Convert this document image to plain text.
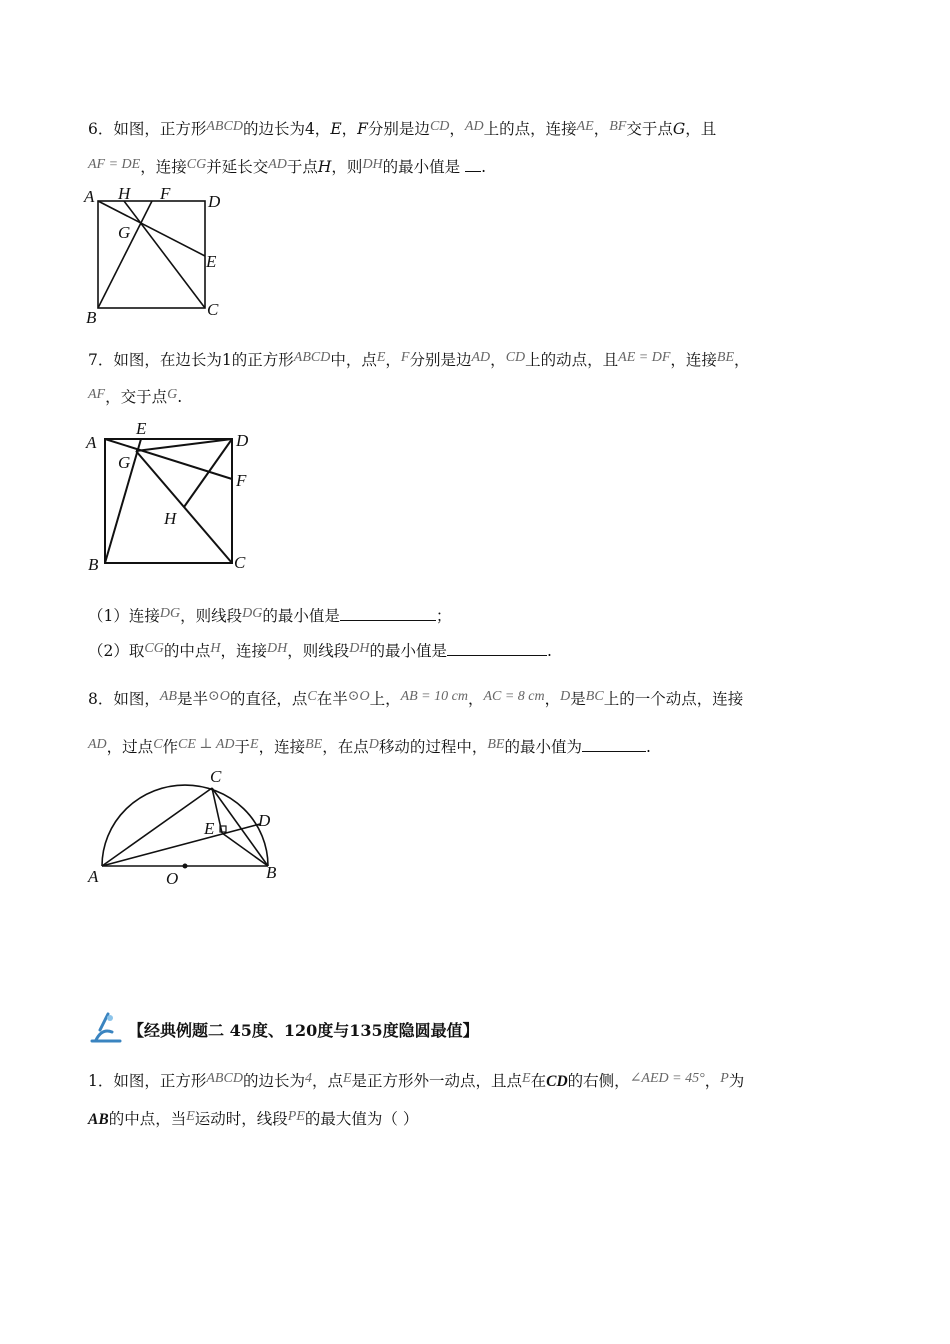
6．如图，正方形ABCD的边长为4，E，F分别是边CD，AD上的点，连接AE，BF交于点G，且
AF = DE，连接CG并延长交AD于点H，则DH的最小值是 .
A H F D
G
E
B	C
7．如图，在边长为1的正方形ABCD中，点E，F分别是边AD，CD上的动点，且AE = DF，连接BE，
AF，交于点G.
A
E
D
G
F
H
B	C
（1）连接DG，则线段DG的最小值是	；
（2）取CG的中点H，连接DH，则线段DH的最小值是	.
8．如图，AB是半⊙O的直径，点C在半⊙O上，AB = 10 cm，AC = 8 cm，D是BC上的一个动点，连接
AD，过点C作CE ⊥ AD于E，连接BE，在点D移动的过程中，BE的最小值为	.
C
E	D
A	O	B
【经典例题二 45度、120度与135度隐圆最值】
1．如图，正方形ABCD的边长为4，点E是正方形外一动点，且点E在CD的右侧，∠AED = 45°，P为
AB的中点，当E运动时，线段PE的最大值为（ ）
